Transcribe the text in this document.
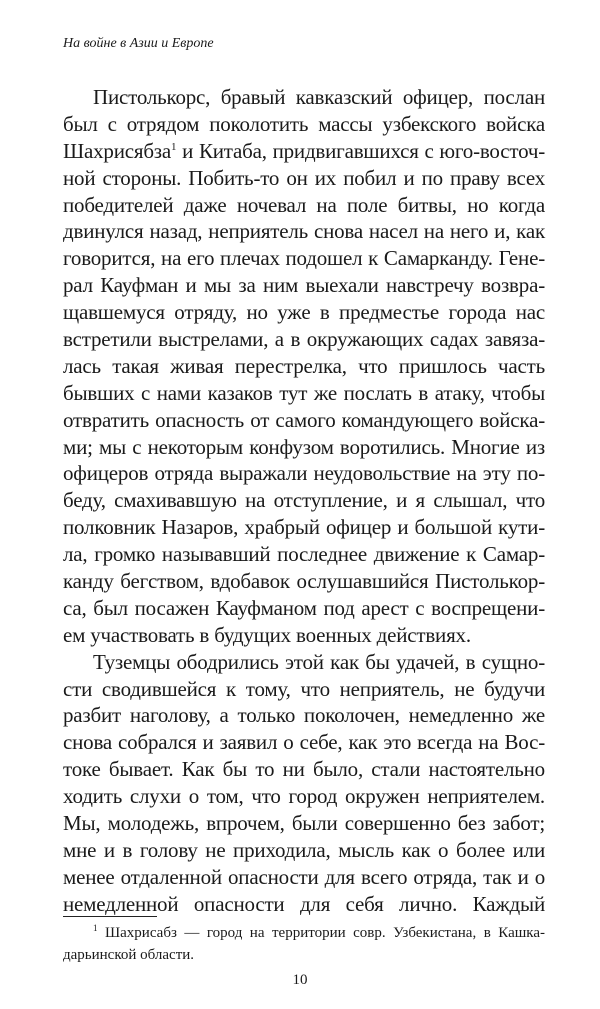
На войне в Азии и Европе
Пистолькорс, бравый кавказский офицер, послан
был с отрядом поколотить массы узбекского войска
Шахрисябза$^1$ и Китаба, придвигавшихся с юго-восточ-
ной стороны. Побить-то он их побил и по праву всех
победителей даже ночевал на поле битвы, но когда
двинулся назад, неприятель снова насел на него и, как
говорится, на его плечах подошел к Самарканду. Гене-
рал Кауфман и мы за ним выехали навстречу возвра-
щавшемуся отряду, но уже в предместье города нас
встретили выстрелами, а в окружающих садах завяза-
лась такая живая перестрелка, что пришлось часть
бывших с нами казаков тут же послать в атаку, чтобы
отвратить опасность от самого командующего войска-
ми; мы с некоторым конфузом воротились. Многие из
офицеров отряда выражали неудовольствие на эту по-
беду, смахивавшую на отступление, и я слышал, что
полковник Назаров, храбрый офицер и большой кути-
ла, громко называвший последнее движение к Самар-
канду бегством, вдобавок ослушавшийся Пистолькор-
са, был посажен Кауфманом под арест с воспрещени-
ем участвовать в будущих военных действиях.
Туземцы ободрились этой как бы удачей, в сущно-
сти сводившейся к тому, что неприятель, не будучи
разбит наголову, а только поколочен, немедленно же
снова собрался и заявил о себе, как это всегда на Вос-
токе бывает. Как бы то ни было, стали настоятельно
ходить слухи о том, что город окружен неприятелем.
Мы, молодежь, впрочем, были совершенно без забот;
мне и в голову не приходила, мысль как о более или
менее отдаленной опасности для всего отряда, так и о
немедленной опасности для себя лично. Каждый
$^1$ Шахрисабз — город на территории совр. Узбекистана, в Кашка-
дарьинской области.
10
